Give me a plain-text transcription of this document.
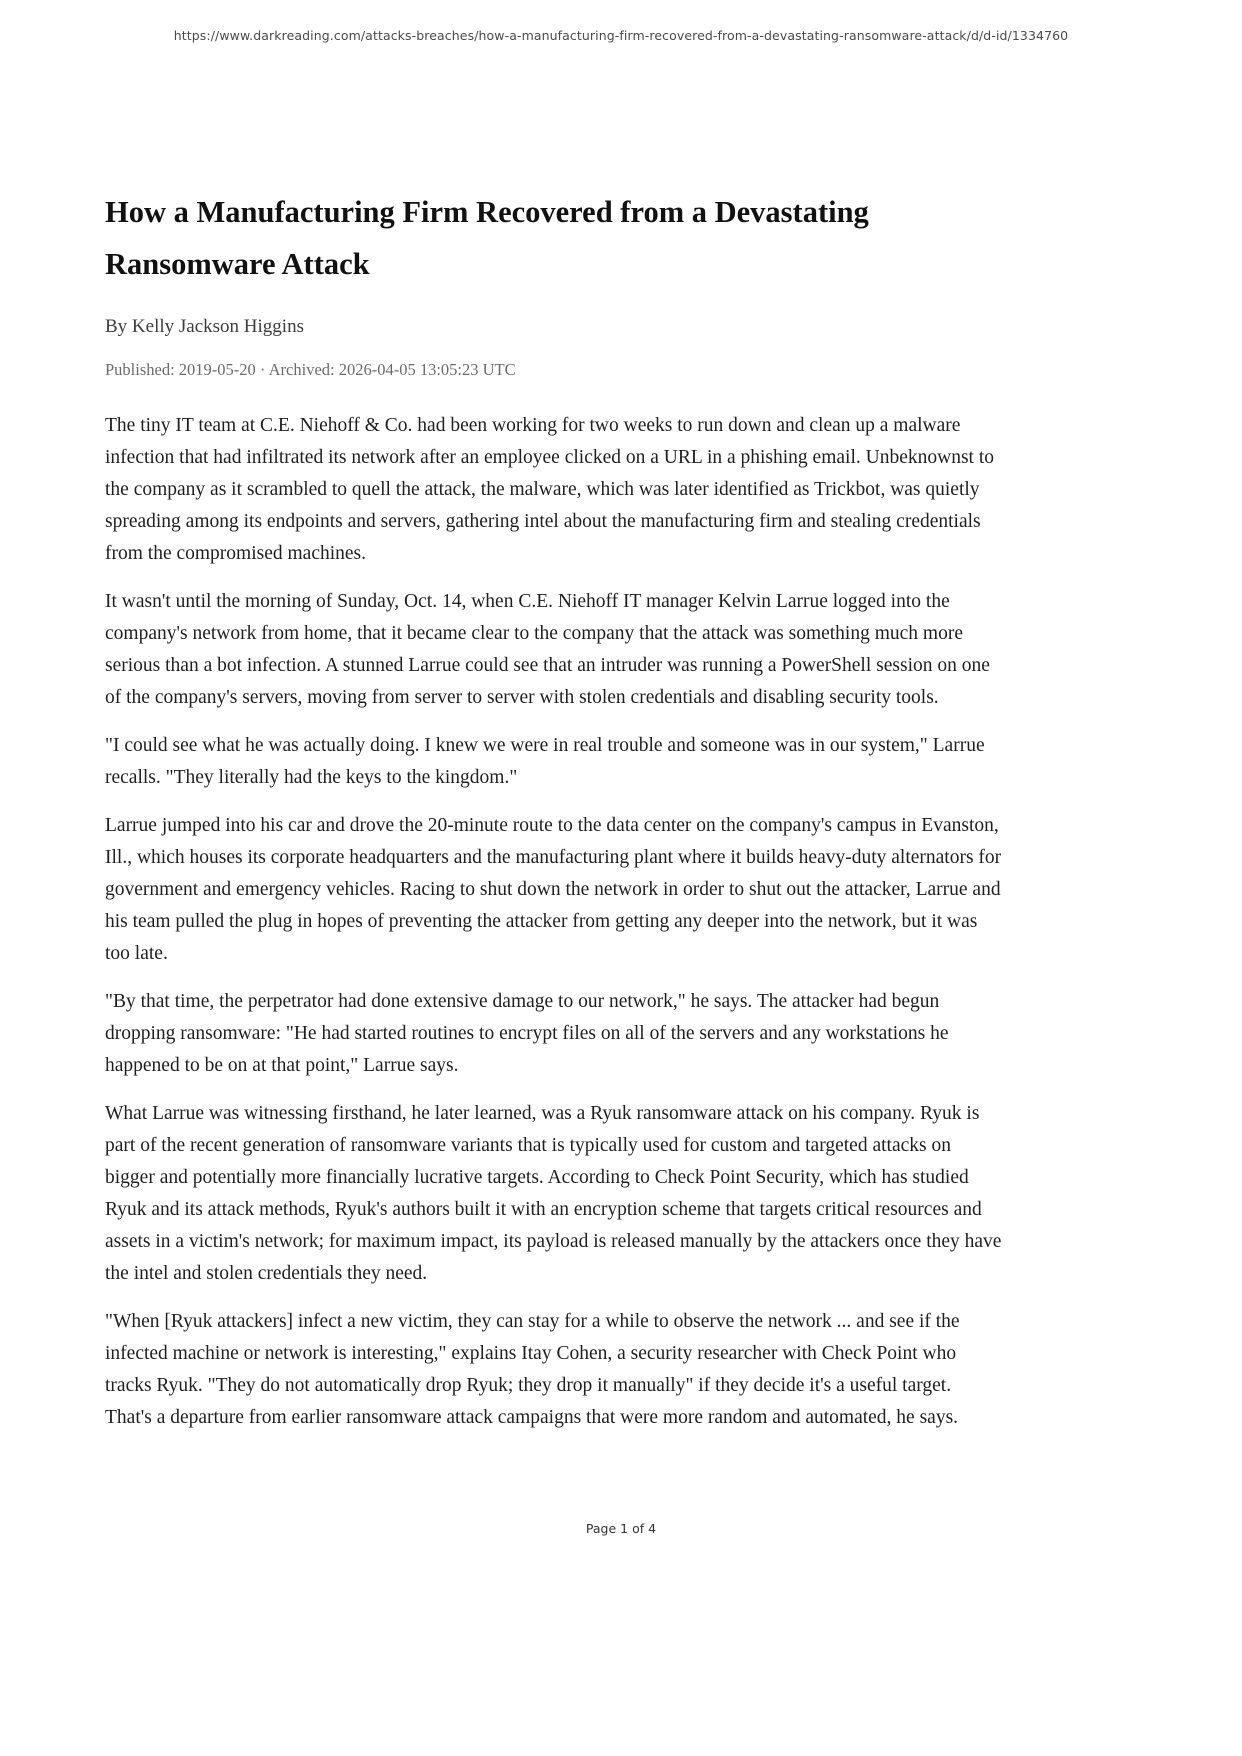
https://www.darkreading.com/attacks-breaches/how-a-manufacturing-firm-recovered-from-a-devastating-ransomware-attack/d/d-id/1334760
How a Manufacturing Firm Recovered from a Devastating Ransomware Attack
By Kelly Jackson Higgins
Published: 2019-05-20 · Archived: 2026-04-05 13:05:23 UTC

The tiny IT team at C.E. Niehoff & Co. had been working for two weeks to run down and clean up a malware infection that had infiltrated its network after an employee clicked on a URL in a phishing email. Unbeknownst to the company as it scrambled to quell the attack, the malware, which was later identified as Trickbot, was quietly spreading among its endpoints and servers, gathering intel about the manufacturing firm and stealing credentials from the compromised machines.

It wasn't until the morning of Sunday, Oct. 14, when C.E. Niehoff IT manager Kelvin Larrue logged into the company's network from home, that it became clear to the company that the attack was something much more serious than a bot infection. A stunned Larrue could see that an intruder was running a PowerShell session on one of the company's servers, moving from server to server with stolen credentials and disabling security tools.

"I could see what he was actually doing. I knew we were in real trouble and someone was in our system," Larrue recalls. "They literally had the keys to the kingdom."

Larrue jumped into his car and drove the 20-minute route to the data center on the company's campus in Evanston, Ill., which houses its corporate headquarters and the manufacturing plant where it builds heavy-duty alternators for government and emergency vehicles. Racing to shut down the network in order to shut out the attacker, Larrue and his team pulled the plug in hopes of preventing the attacker from getting any deeper into the network, but it was too late.

"By that time, the perpetrator had done extensive damage to our network," he says. The attacker had begun dropping ransomware: "He had started routines to encrypt files on all of the servers and any workstations he happened to be on at that point," Larrue says.

What Larrue was witnessing firsthand, he later learned, was a Ryuk ransomware attack on his company. Ryuk is part of the recent generation of ransomware variants that is typically used for custom and targeted attacks on bigger and potentially more financially lucrative targets. According to Check Point Security, which has studied Ryuk and its attack methods, Ryuk's authors built it with an encryption scheme that targets critical resources and assets in a victim's network; for maximum impact, its payload is released manually by the attackers once they have the intel and stolen credentials they need.

"When [Ryuk attackers] infect a new victim, they can stay for a while to observe the network ... and see if the infected machine or network is interesting," explains Itay Cohen, a security researcher with Check Point who tracks Ryuk. "They do not automatically drop Ryuk; they drop it manually" if they decide it's a useful target. That's a departure from earlier ransomware attack campaigns that were more random and automated, he says.

Page 1 of 4
